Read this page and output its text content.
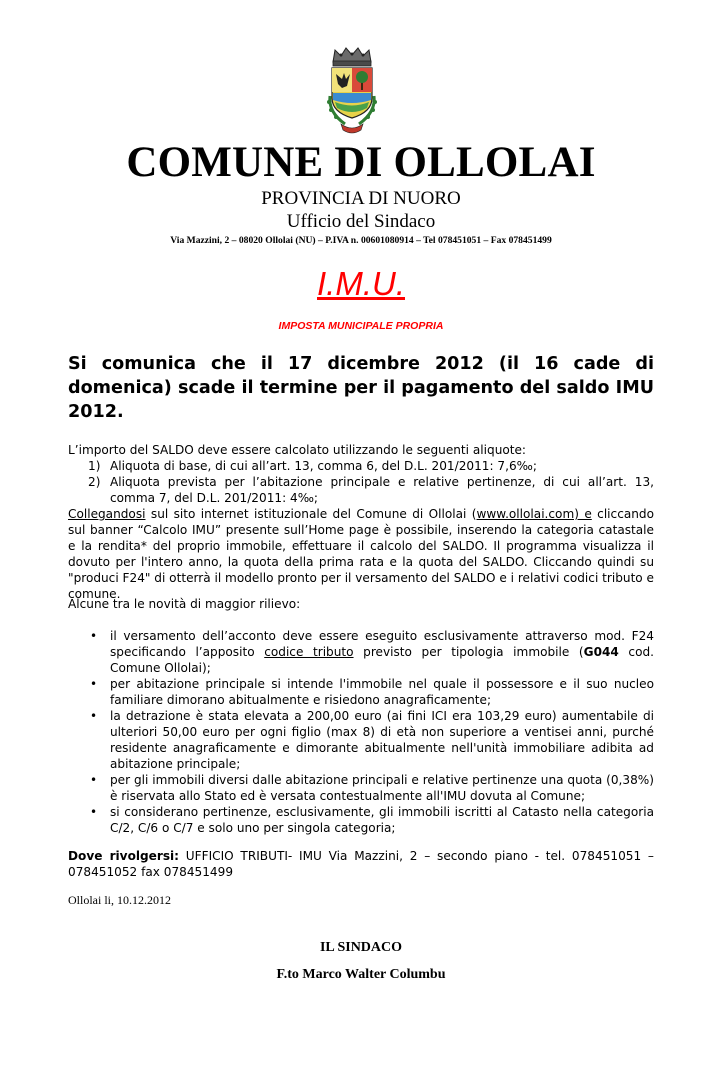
COMUNE DI OLLOLAI
PROVINCIA DI NUORO
Ufficio del Sindaco
Via Mazzini, 2 – 08020 Ollolai (NU) – P.IVA n. 00601080914 – Tel 078451051 – Fax 078451499
I.M.U.
IMPOSTA MUNICIPALE PROPRIA
Si comunica che il 17 dicembre 2012 (il 16 cade di domenica) scade il termine per il pagamento del saldo IMU 2012.
L’importo del SALDO deve essere calcolato utilizzando le seguenti aliquote:
1) Aliquota di base, di cui all’art. 13, comma 6, del D.L. 201/2011: 7,6‰;
2) Aliquota prevista per l’abitazione principale e relative pertinenze, di cui all’art. 13, comma 7, del D.L. 201/2011: 4‰;
Collegandosi sul sito internet istituzionale del Comune di Ollolai (www.ollolai.com) e cliccando sul banner “Calcolo IMU” presente sull’Home page è possibile, inserendo la categoria catastale e la rendita* del proprio immobile, effettuare il calcolo del SALDO. Il programma visualizza il dovuto per l'intero anno, la quota della prima rata e la quota del SALDO. Cliccando quindi su "produci F24" di otterrà il modello pronto per il versamento del SALDO e i relativi codici tributo e comune.
Alcune tra le novità di maggior rilievo:
• il versamento dell’acconto deve essere eseguito esclusivamente attraverso mod. F24 specificando l’apposito codice tributo previsto per tipologia immobile (G044 cod. Comune Ollolai);
• per abitazione principale si intende l'immobile nel quale il possessore e il suo nucleo familiare dimorano abitualmente e risiedono anagraficamente;
• la detrazione è stata elevata a 200,00 euro (ai fini ICI era 103,29 euro) aumentabile di ulteriori 50,00 euro per ogni figlio (max 8) di età non superiore a ventisei anni, purché residente anagraficamente e dimorante abitualmente nell'unità immobiliare adibita ad abitazione principale;
• per gli immobili diversi dalle abitazione principali e relative pertinenze una quota (0,38%) è riservata allo Stato ed è versata contestualmente all'IMU dovuta al Comune;
• si considerano pertinenze, esclusivamente, gli immobili iscritti al Catasto nella categoria C/2, C/6 o C/7 e solo uno per singola categoria;
Dove rivolgersi: UFFICIO TRIBUTI- IMU Via Mazzini, 2 – secondo piano - tel. 078451051 – 078451052 fax 078451499
Ollolai li, 10.12.2012
IL SINDACO
F.to Marco Walter Columbu
